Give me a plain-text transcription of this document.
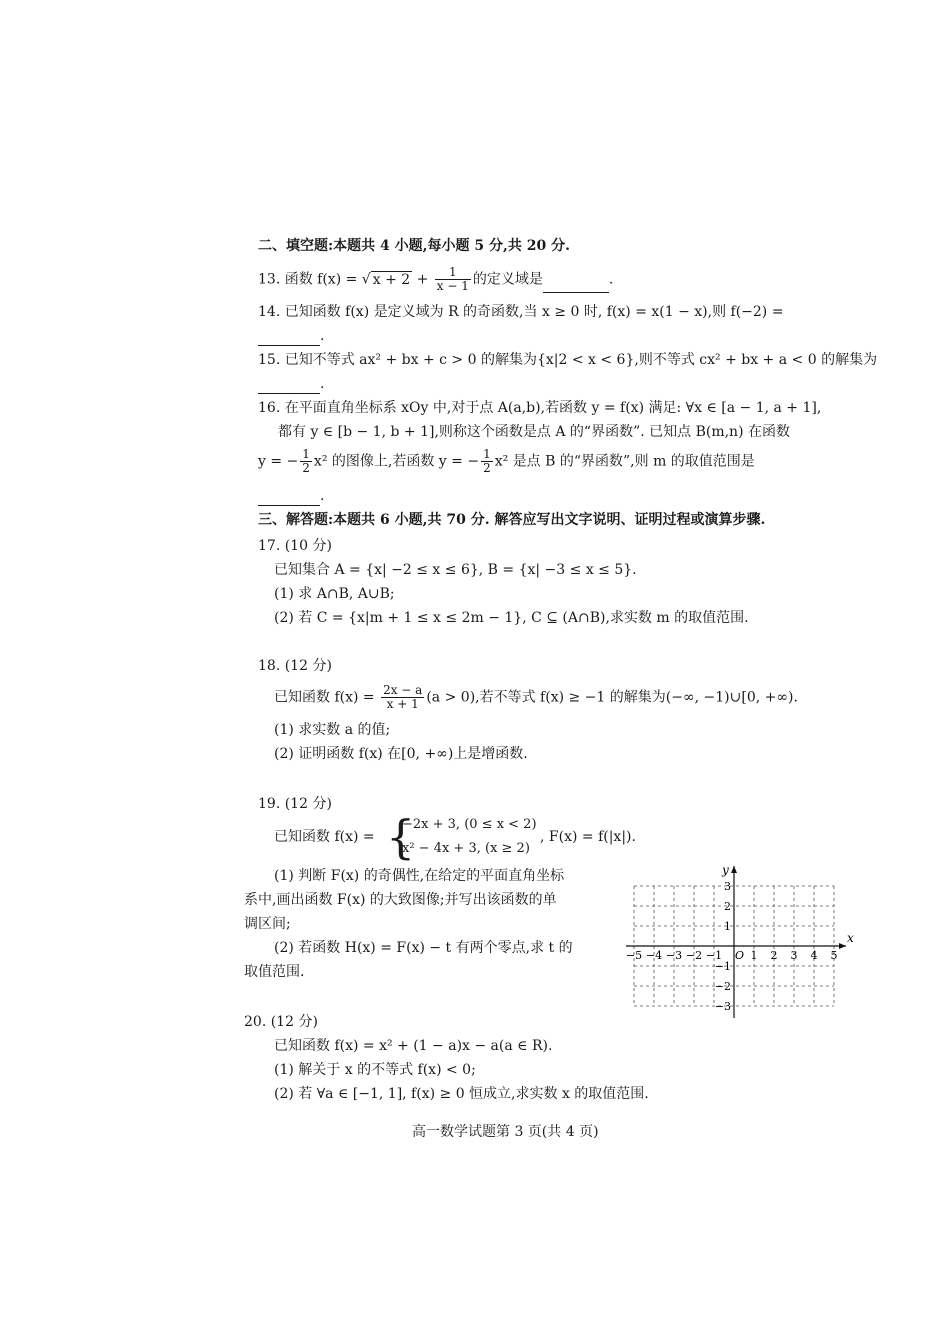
二、填空题:本题共 4 小题,每小题 5 分,共 20 分.
13. 函数 f(x) = √ $x + 2 + \frac{1}{x - 1}$ 的定义域是	.
14. 已知函数 f(x) 是定义域为 R 的奇函数,当 x ≥ 0 时, f(x) = x(1 − x),则 f(−2) =
.
15. 已知不等式 ax² + bx + c > 0 的解集为{x|2 < x < 6},则不等式 cx² + bx + a < 0 的解集为
.
16. 在平面直角坐标系 xOy 中,对于点 A(a,b),若函数 y = f(x) 满足: ∀x ∈ [a − 1, a + 1],
都有 y ∈ [b − 1, b + 1],则称这个函数是点 A 的“界函数”. 已知点 B(m,n) 在函数
y = − $\frac{1}{2} x^2$ 的图像上,若函数 y = − $\frac{1}{2} x^2$ 是点 B 的“界函数”,则 m 的取值范围是
.
三、解答题:本题共 6 小题,共 70 分. 解答应写出文字说明、证明过程或演算步骤.
17. (10 分)
已知集合 A = {x| −2 ≤ x ≤ 6}, B = {x| −3 ≤ x ≤ 5}.
(1) 求 A∩B, A∪B;
(2) 若 C = {x|m + 1 ≤ x ≤ 2m − 1}, C ⊆ (A∩B),求实数 m 的取值范围.
18. (12 分)
已知函数 $f(x) = \frac{2x - a}{x + 1} (a > 0)$,若不等式 f(x) ≥ −1 的解集为(−∞, −1)∪[0, +∞).
(1) 求实数 a 的值;
(2) 证明函数 f(x) 在[0, +∞)上是增函数.
19. (12 分)
已知函数 f(x) = {
−2x + 3, (0 ≤ x < 2)
x² − 4x + 3, (x ≥ 2)
, F(x) = f(|x|).
(1) 判断 F(x) 的奇偶性,在给定的平面直角坐标
系中,画出函数 F(x) 的大致图像;并写出该函数的单
调区间;
(2) 若函数 H(x) = F(x) − t 有两个零点,求 t 的
取值范围.
x
y
O
−5 −4 −3 −2 −1	1 2 3 4 5
3
2
1
−1
−2
−3
20. (12 分)
已知函数 f(x) = x² + (1 − a)x − a(a ∈ R).
(1) 解关于 x 的不等式 f(x) < 0;
(2) 若 ∀a ∈ [−1, 1], f(x) ≥ 0 恒成立,求实数 x 的取值范围.
高一数学试题第 3 页(共 4 页)
